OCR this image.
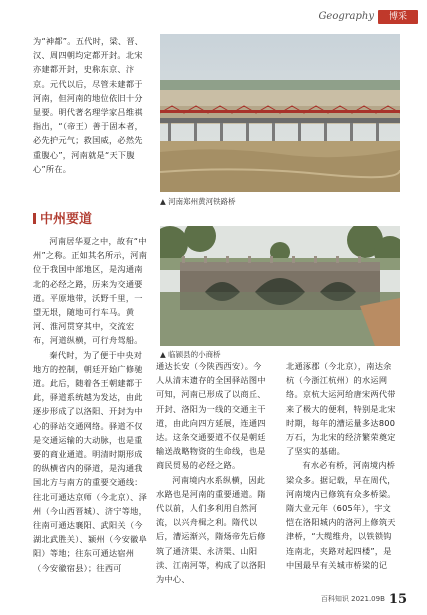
Geography	博采

为“神都”。五代时，梁、晋、汉、周四朝均定都开封。北宋亦建都开封，史称东京、汴京。元代以后，尽管未建都于河南，但河南的地位依旧十分显要。明代著名理学家吕维祺指出，“（帝王）善于固本者，必先护元气；救国威，必然先重腹心”，河南就是“天下腹心”所在。

中州要道

河南居华夏之中，故有“中州”之称。正如其名所示，河南位于我国中部地区，是沟通南北的必经之路，历来为交通要道。平原地带，沃野千里，一望无垠，随地可行车马。黄河、淮河贯穿其中，交流宏布，河道纵横，可行舟驾船。

秦代时，为了便于中央对地方的控制，朝廷开始广修驰道。此后，随着各王朝建都于此，驿道系统越为发达，由此逐步形成了以洛阳、开封为中心的驿站交通网络。驿道不仅是交通运输的大动脉，也是重要的商业通道。明清时期形成的纵横省内的驿道，是沟通我国北方与南方的重要交通线：往北可通达京师（今北京）、泽州（今山西晋城）、济宁等地，往南可通达襄阳、武阳关（今湖北武胜关）、颍州（今安徽阜阳）等地；往东可通达宿州（今安徽宿县）；往西可

▲ 河南郑州黄河铁路桥
▲ 临颍县的小商桥

通达长安（今陕西西安）。今人从清末遗存的全国驿站图中可知，河南已形成了以商丘、开封、洛阳为一线的交通主干道，由此向四方延展，连通四达。这条交通要道不仅是朝廷输送战略物资的生命线，也是商民贸易的必经之路。

河南境内水系纵横，因此水路也是河南的重要通道。隋代以前，人们多利用自然河流，以兴舟楫之利。隋代以后，漕运渐兴，隋炀帝先后修筑了通济渠、永济渠、山阳渎、江南河等，构成了以洛阳为中心、

北通涿郡（今北京），南达余杭（今浙江杭州）的水运网络。京杭大运河给唐宋两代带来了极大的便利，特别是北宋时期，每年的漕运量多达800万石，为北宋的经济繁荣奠定了坚实的基础。

有水必有桥，河南境内桥梁众多。据记载，早在周代，河南境内已修筑有众多桥梁。隋大业元年（605年），宇文恺在洛阳城内的洛河上修筑天津桥，“大缆维舟，以铁锁钩连南北，夹路对起四楼”，是中国最早有关城市桥梁的记

百科知识 2021.09B 15
